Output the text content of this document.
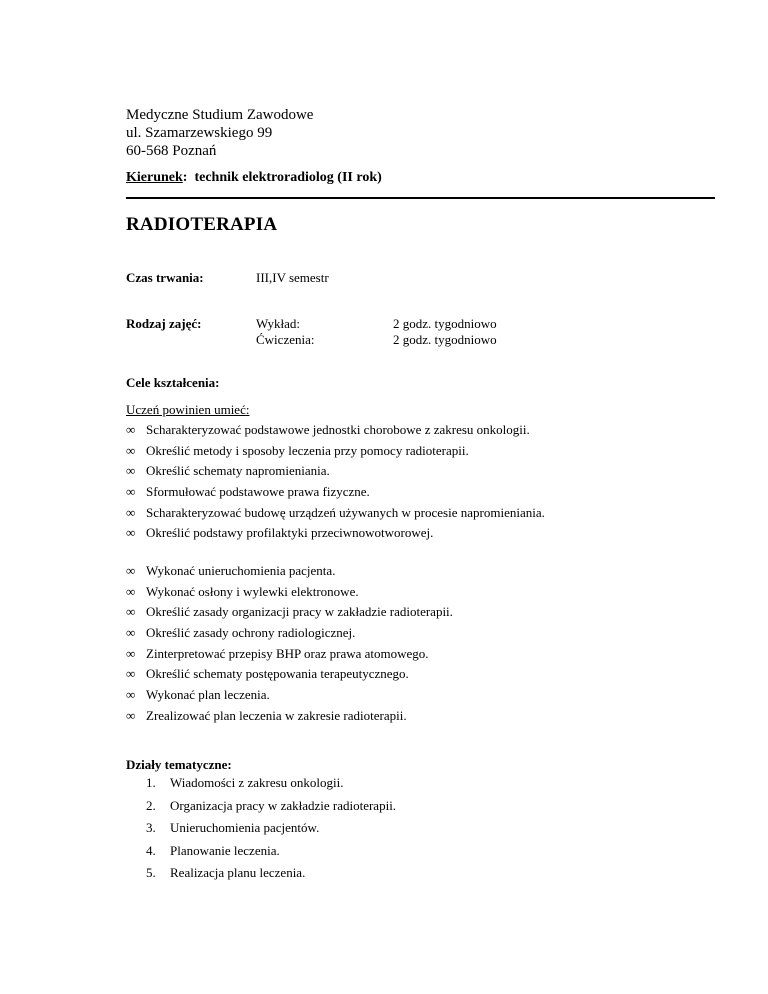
Medyczne Studium Zawodowe
ul. Szamarzewskiego 99
60-568 Poznań
Kierunek: technik elektroradiolog (II rok)
RADIOTERAPIA
Czas trwania:	III,IV semestr
Rodzaj zajęć:	Wykład:	2 godz. tygodniowo
Ćwiczenia:	2 godz. tygodniowo
Cele kształcenia:
Uczeń powinien umieć:
∞ Scharakteryzować podstawowe jednostki chorobowe z zakresu onkologii.
∞ Określić metody i sposoby leczenia przy pomocy radioterapii.
∞ Określić schematy napromieniania.
∞ Sformułować podstawowe prawa fizyczne.
∞ Scharakteryzować budowę urządzeń używanych w procesie napromieniania.
∞ Określić podstawy profilaktyki przeciwnowotworowej.
∞ Wykonać unieruchomienia pacjenta.
∞ Wykonać osłony i wylewki elektronowe.
∞ Określić zasady organizacji pracy w zakładzie radioterapii.
∞ Określić zasady ochrony radiologicznej.
∞ Zinterpretować przepisy BHP oraz prawa atomowego.
∞ Określić schematy postępowania terapeutycznego.
∞ Wykonać plan leczenia.
∞ Zrealizować plan leczenia w zakresie radioterapii.
Działy tematyczne:
1. Wiadomości z zakresu onkologii.
2. Organizacja pracy w zakładzie radioterapii.
3. Unieruchomienia pacjentów.
4. Planowanie leczenia.
5. Realizacja planu leczenia.
